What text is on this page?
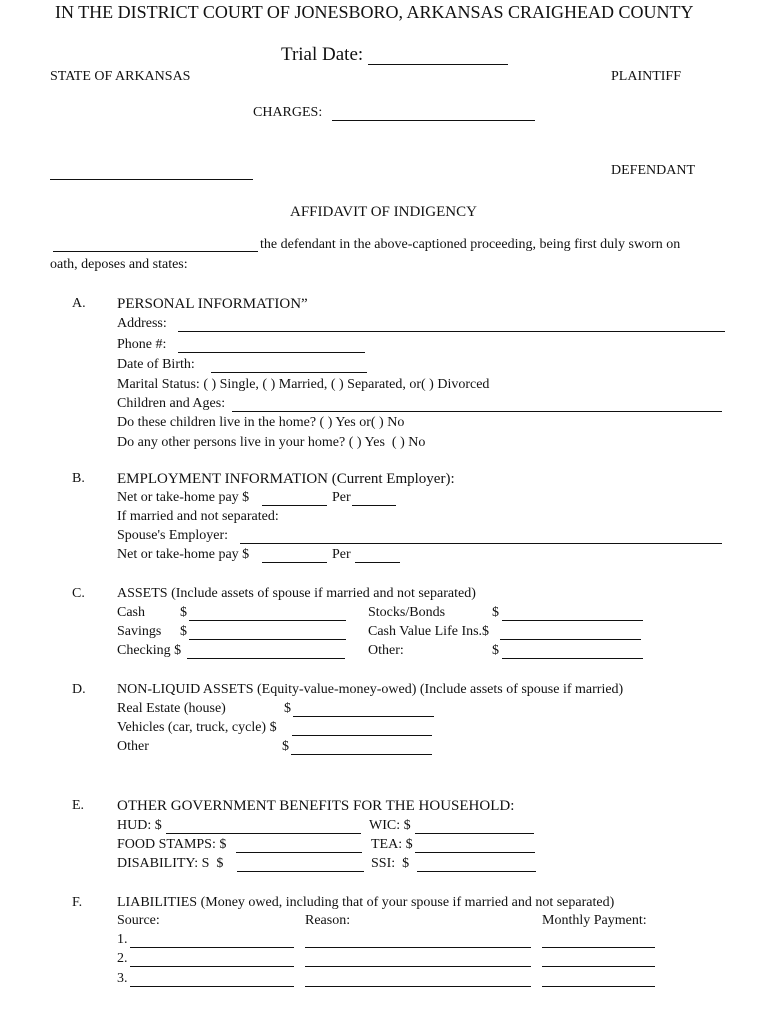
IN THE DISTRICT COURT OF JONESBORO, ARKANSAS CRAIGHEAD COUNTY
Trial Date:
STATE OF ARKANSAS	PLAINTIFF
CHARGES:
DEFENDANT
AFFIDAVIT OF INDIGENCY
the defendant in the above-captioned proceeding, being first duly sworn on
oath, deposes and states:
A. PERSONAL INFORMATION”
Address:
Phone #:
Date of Birth:
Marital Status: ( ) Single, ( ) Married, ( ) Separated, or( ) Divorced
Children and Ages:
Do these children live in the home? ( ) Yes or( ) No
Do any other persons live in your home? ( ) Yes  ( ) No
B. EMPLOYMENT INFORMATION (Current Employer):
Net or take-home pay $	Per
If married and not separated:
Spouse's Employer:
Net or take-home pay $	Per
C. ASSETS (Include assets of spouse if married and not separated)
Cash	$	Stocks/Bonds	$
Savings $	Cash Value Life Ins.$
Checking $	Other:	$
D. NON-LIQUID ASSETS (Equity-value-money-owed) (Include assets of spouse if married)
Real Estate (house)	$
Vehicles (car, truck, cycle) $
Other	$
E. OTHER GOVERNMENT BENEFITS FOR THE HOUSEHOLD:
HUD: $	WIC: $
FOOD STAMPS: $	TEA: $
DISABILITY: S  $	SSI:  $
F. LIABILITIES (Money owed, including that of your spouse if married and not separated)
Source:	Reason:	Monthly Payment:
1.
2.
3.
